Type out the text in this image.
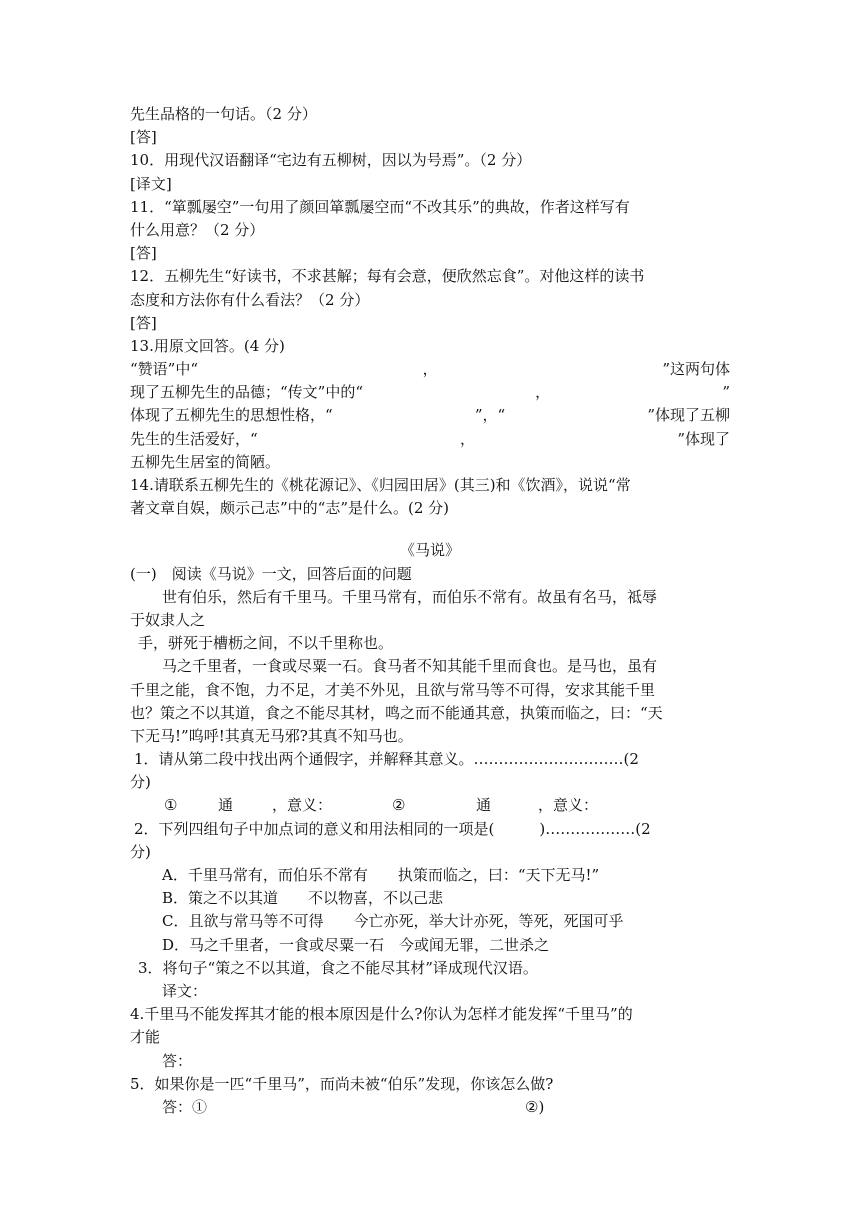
先生品格的一句话。（2 分）
[答]
10．用现代汉语翻译“宅边有五柳树，因以为号焉”。（2 分）
[译文]
11．“箪瓢屡空”一句用了颜回箪瓢屡空而“不改其乐”的典故，作者这样写有
什么用意？（2 分）
[答]
12．五柳先生“好读书，不求甚解；每有会意，便欣然忘食”。对他这样的读书
态度和方法你有什么看法？（2 分）
[答]
13.用原文回答。(4 分)
“赞语”中“	，	”这两句体
现了五柳先生的品德；“传文”中的“	，	”
体现了五柳先生的思想性格，“	”，“	”体现了五柳
先生的生活爱好，“	，	”体现了
五柳先生居室的简陋。
14.请联系五柳先生的《桃花源记》、《归园田居》(其三)和《饮酒》，说说“常
著文章自娱，颇示己志”中的“志”是什么。(2 分)
《马说》
(一)　阅读《马说》一文，回答后面的问题
世有伯乐，然后有千里马。千里马常有，而伯乐不常有。故虽有名马，祗辱
于奴隶人之
手，骈死于槽枥之间，不以千里称也。
马之千里者，一食或尽粟一石。食马者不知其能千里而食也。是马也，虽有
千里之能，食不饱，力不足，才美不外见，且欲与常马等不可得，安求其能千里
也？策之不以其道，食之不能尽其材，鸣之而不能通其意，执策而临之，曰：“天
下无马!”呜呼!其真无马邪?其真不知马也。
1．请从第二段中找出两个通假字，并解释其意义。…………………………(2
分)
①	通	，意义：	②	通	，意义：
2．下列四组句子中加点词的意义和用法相同的一项是(　　　)………………(2
分)
A．千里马常有，而伯乐不常有　　执策而临之，曰：“天下无马!”
B．策之不以其道　　不以物喜，不以己悲
C．且欲与常马等不可得　　今亡亦死，举大计亦死，等死，死国可乎
D．马之千里者，一食或尽粟一石　今或闻无罪，二世杀之
3．将句子“策之不以其道，食之不能尽其材”译成现代汉语。
译文：
4.千里马不能发挥其才能的根本原因是什么?你认为怎样才能发挥“千里马”的
才能
答：
5．如果你是一匹“千里马”，而尚未被“伯乐”发现，你该怎么做?
答：①	②)
